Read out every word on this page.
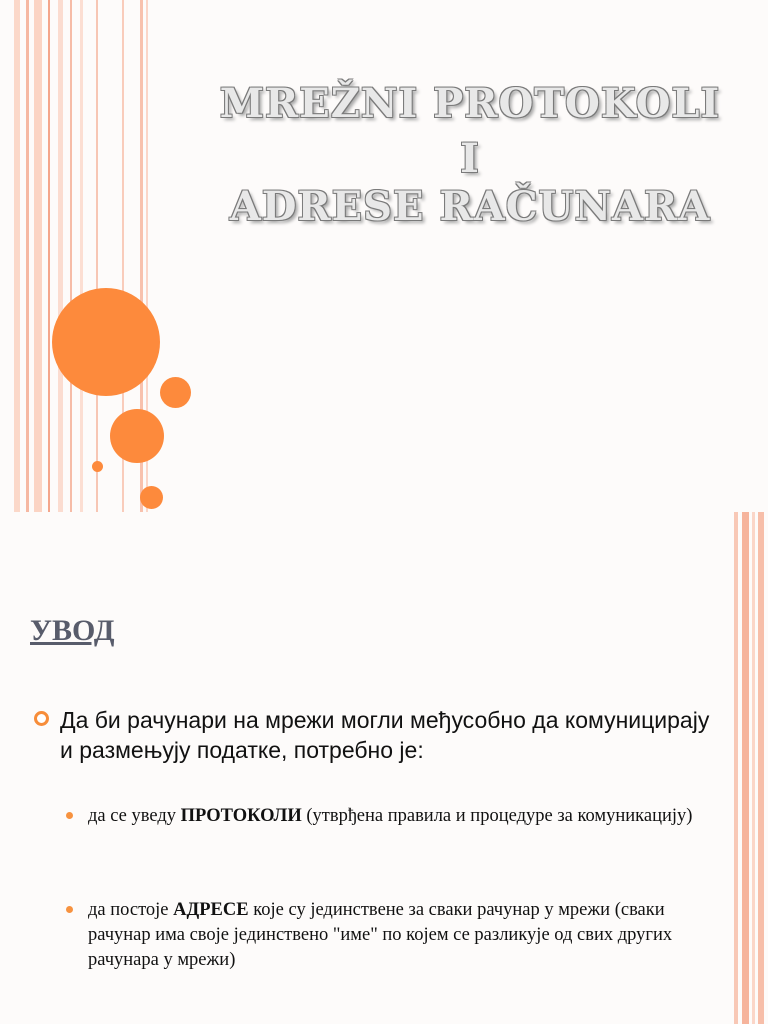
MREŽNI PROTOKOLI
I
ADRESE RAČUNARA
УВОД
Да би рачунари на мрежи могли међусобно да комуницирају и размењују податке, потребно је:
да се уведу ПРОТОКОЛИ (утврђена правила и процедуре за комуникацију)
да постоје АДРЕСЕ које су јединствене за сваки рачунар у мрежи (сваки рачунар има своје јединствено "име" по којем се разликује од свих других рачунара у мрежи)
